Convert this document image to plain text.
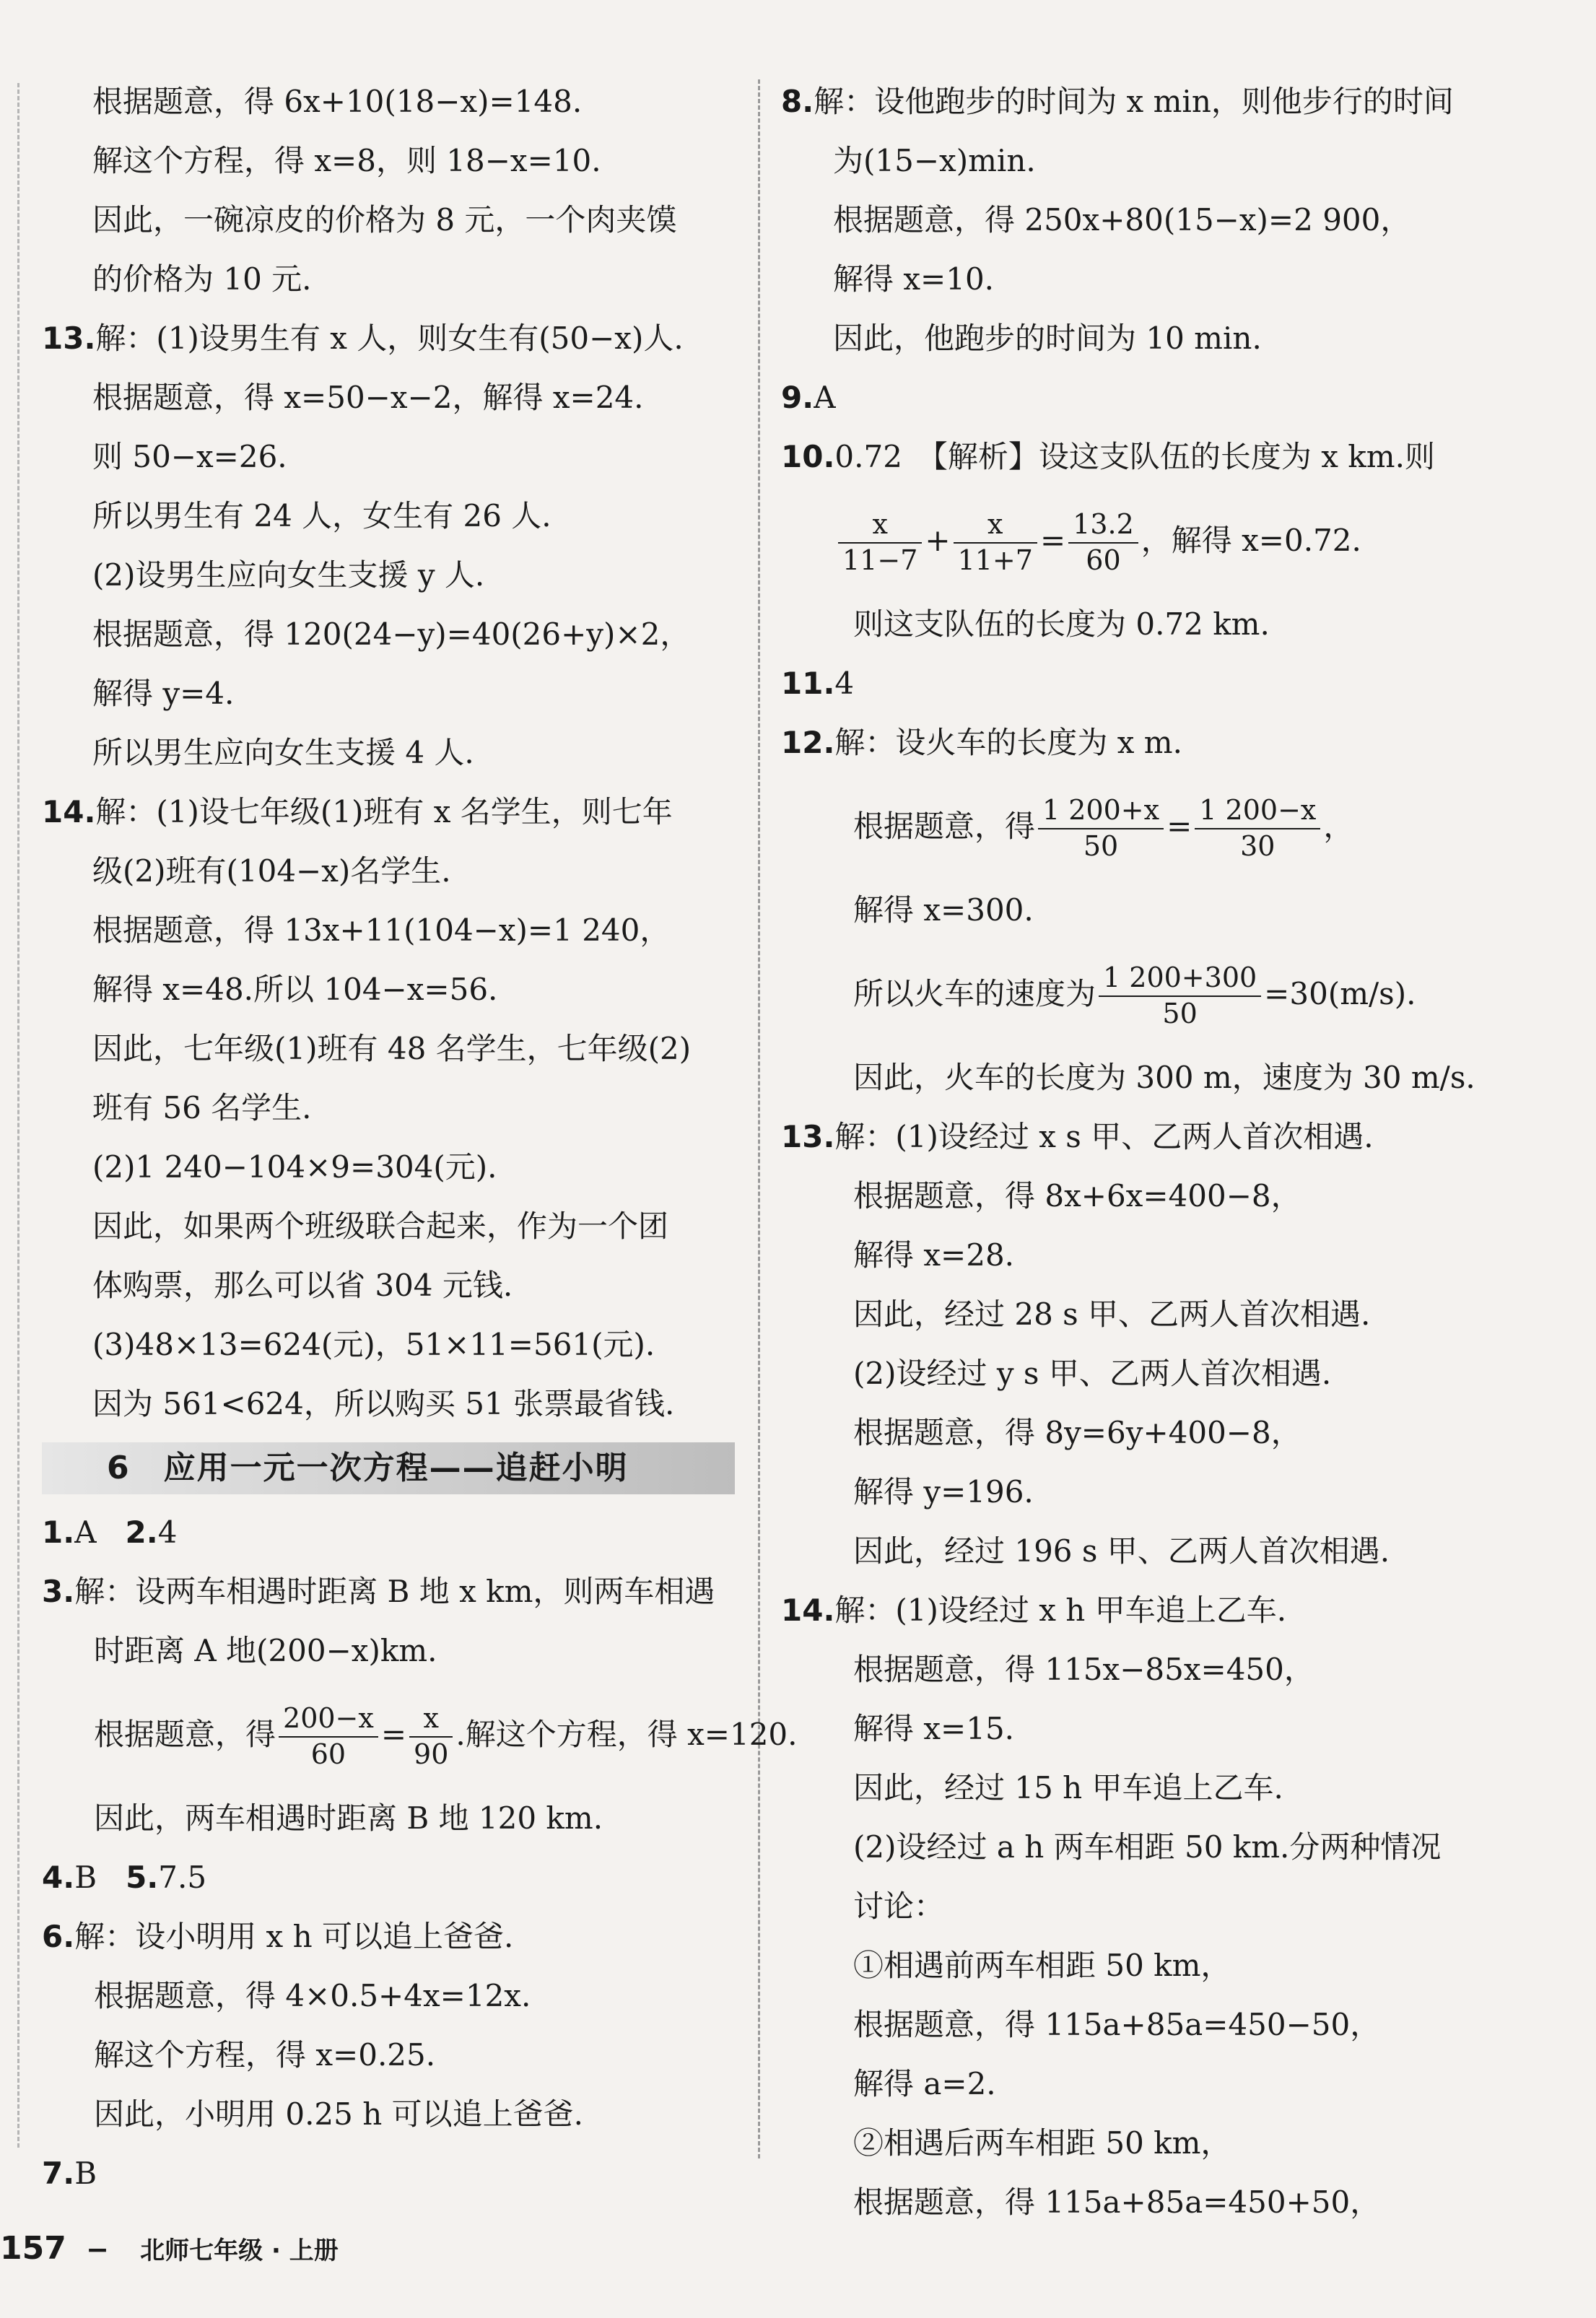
根据题意，得 6x+10(18−x)=148.
解这个方程，得 x=8，则 18−x=10.
因此，一碗凉皮的价格为 8 元，一个肉夹馍
的价格为 10 元.
13.解：(1)设男生有 x 人，则女生有(50−x)人.
根据题意，得 x=50−x−2，解得 x=24.
则 50−x=26.
所以男生有 24 人，女生有 26 人.
(2)设男生应向女生支援 y 人.
根据题意，得 120(24−y)=40(26+y)×2，
解得 y=4.
所以男生应向女生支援 4 人.
14.解：(1)设七年级(1)班有 x 名学生，则七年
级(2)班有(104−x)名学生.
根据题意，得 13x+11(104−x)=1 240，
解得 x=48.所以 104−x=56.
因此，七年级(1)班有 48 名学生，七年级(2)
班有 56 名学生.
(2)1 240−104×9=304(元).
因此，如果两个班级联合起来，作为一个团
体购票，那么可以省 304 元钱.
(3)48×13=624(元)，51×11=561(元).
因为 561<624，所以购买 51 张票最省钱.
6　应用一元一次方程——追赶小明
1.A 2.4
3.解：设两车相遇时距离 B 地 x km，则两车相遇
时距离 A 地(200−x)km.
根据题意，得 $\frac{200-x}{60} = \frac{x}{90}$ .解这个方程，得 x=120.
因此，两车相遇时距离 B 地 120 km.
4.B 5.7.5
6.解：设小明用 x h 可以追上爸爸.
根据题意，得 4×0.5+4x=12x.
解这个方程，得 x=0.25.
因此，小明用 0.25 h 可以追上爸爸.
7.B
8.解：设他跑步的时间为 x min，则他步行的时间
为(15−x)min.
根据题意，得 250x+80(15−x)=2 900，
解得 x=10.
因此，他跑步的时间为 10 min.
9.A
10.0.72　【解析】设这支队伍的长度为 x km.则
$\frac{x}{11-7} + \frac{x}{11+7} = \frac{13.2}{60}$ ，解得 x=0.72.
则这支队伍的长度为 0.72 km.
11.4
12.解：设火车的长度为 x m.
根据题意，得 $\frac{1 200+x}{50} = \frac{1 200-x}{30}$ ，
解得 x=300.
所以火车的速度为 $\frac{1 200+300}{50} =30(m/s)$.
因此，火车的长度为 300 m，速度为 30 m/s.
13.解：(1)设经过 x s 甲、乙两人首次相遇.
根据题意，得 8x+6x=400−8，
解得 x=28.
因此，经过 28 s 甲、乙两人首次相遇.
(2)设经过 y s 甲、乙两人首次相遇.
根据题意，得 8y=6y+400−8，
解得 y=196.
因此，经过 196 s 甲、乙两人首次相遇.
14.解：(1)设经过 x h 甲车追上乙车.
根据题意，得 115x−85x=450，
解得 x=15.
因此，经过 15 h 甲车追上乙车.
(2)设经过 a h 两车相距 50 km.分两种情况
讨论：
①相遇前两车相距 50 km，
根据题意，得 115a+85a=450−50，
解得 a=2.
②相遇后两车相距 50 km，
根据题意，得 115a+85a=450+50，
157 − 北师七年级 · 上册
